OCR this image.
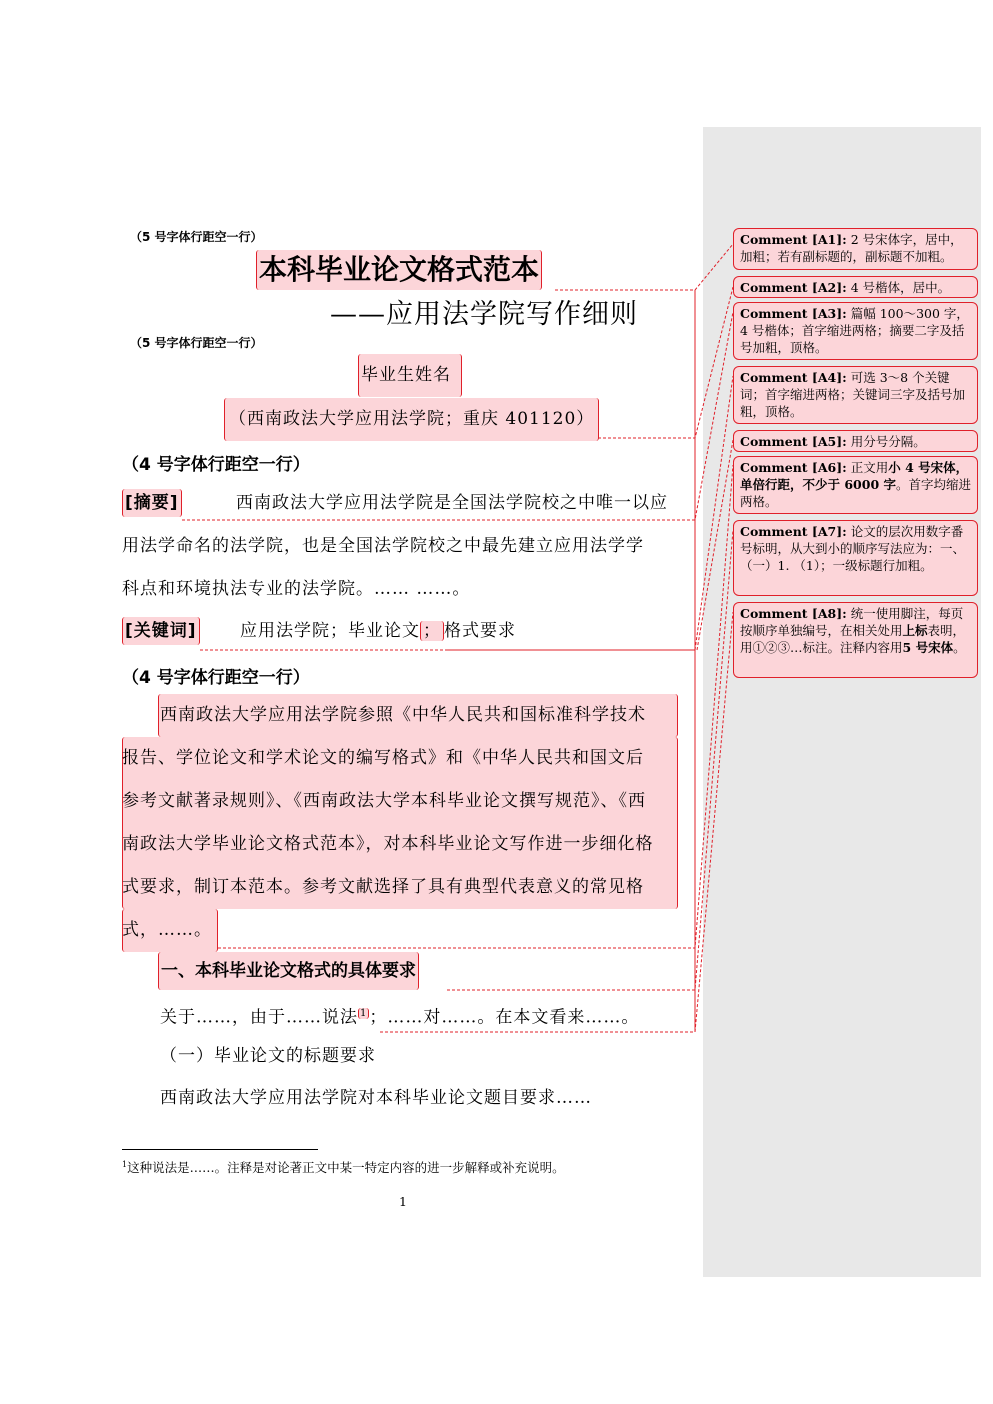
（5 号字体行距空一行）
本科毕业论文格式范本
——应用法学院写作细则
（5 号字体行距空一行）
毕业生姓名
（西南政法大学应用法学院；重庆 401120）
（4 号字体行距空一行）
[摘要]	西南政法大学应用法学院是全国法学院校之中唯一以应
用法学命名的法学院，也是全国法学院校之中最先建立应用法学学
科点和环境执法专业的法学院。…… ……。
[关键词]	应用法学院；毕业论文 ； 格式要求
（4 号字体行距空一行）
西南政法大学应用法学院参照《中华人民共和国标准科学技术
报告、学位论文和学术论文的编写格式》和《中华人民共和国文后
参考文献著录规则》、《西南政法大学本科毕业论文撰写规范》、《西
南政法大学毕业论文格式范本》，对本科毕业论文写作进一步细化格
式要求，制订本范本。参考文献选择了具有典型代表意义的常见格
式，……。
一、本科毕业论文格式的具体要求
关于……，由于……说法 $^1$ ；……对……。在本文看来……。
（一）毕业论文的标题要求
西南政法大学应用法学院对本科毕业论文题目要求……
$^1$这种说法是……。注释是对论著正文中某一特定内容的进一步解释或补充说明。
1
Comment [A1]: 2 号宋体字，居中，加粗；若有副标题的，副标题不加粗。
Comment [A2]: 4 号楷体，居中。
Comment [A3]: 篇幅 100～300 字，4 号楷体；首字缩进两格；摘要二字及括号加粗，顶格。
Comment [A4]: 可选 3～8 个关键词；首字缩进两格；关键词三字及括号加粗，顶格。
Comment [A5]: 用分号分隔。
Comment [A6]: 正文用小 4 号宋体，单倍行距，不少于 6000 字。首字均缩进两格。
Comment [A7]: 论文的层次用数字番号标明，从大到小的顺序写法应为：一、（一）1. （1）；一级标题行加粗。
Comment [A8]: 统一使用脚注，每页按顺序单独编号，在相关处用上标表明，用①②③…标注。注释内容用5 号宋体。
